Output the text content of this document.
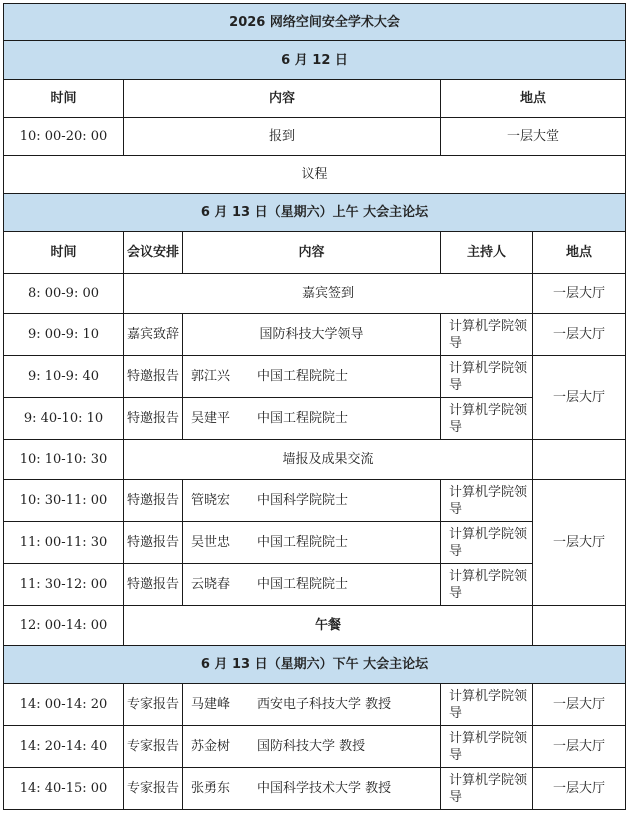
2026 网络空间安全学术大会				
6 月 12 日				
时间	内容		地点	
10: 00-20: 00	报到		一层大堂	
议程				
6 月 13 日（星期六）上午 大会主论坛				
时间	会议安排	内容	主持人	地点
8: 00-9: 00	嘉宾签到			一层大厅
9: 00-9: 10	嘉宾致辞	国防科技大学领导	计算机学院领导	一层大厅
9: 10-9: 40	特邀报告	郭江兴 中国工程院院士	计算机学院领导	一层大厅
9: 40-10: 10	特邀报告	吴建平 中国工程院院士	计算机学院领导	
10: 10-10: 30	墙报及成果交流			
10: 30-11: 00	特邀报告	管晓宏 中国科学院院士	计算机学院领导	一层大厅
11: 00-11: 30	特邀报告	吴世忠 中国工程院院士	计算机学院领导	
11: 30-12: 00	特邀报告	云晓春 中国工程院院士	计算机学院领导	
12: 00-14: 00	午餐			
6 月 13 日（星期六）下午 大会主论坛				
14: 00-14: 20	专家报告	马建峰 西安电子科技大学 教授	计算机学院领导	一层大厅
14: 20-14: 40	专家报告	苏金树 国防科技大学 教授	计算机学院领导	一层大厅
14: 40-15: 00	专家报告	张勇东 中国科学技术大学 教授	计算机学院领导	一层大厅
